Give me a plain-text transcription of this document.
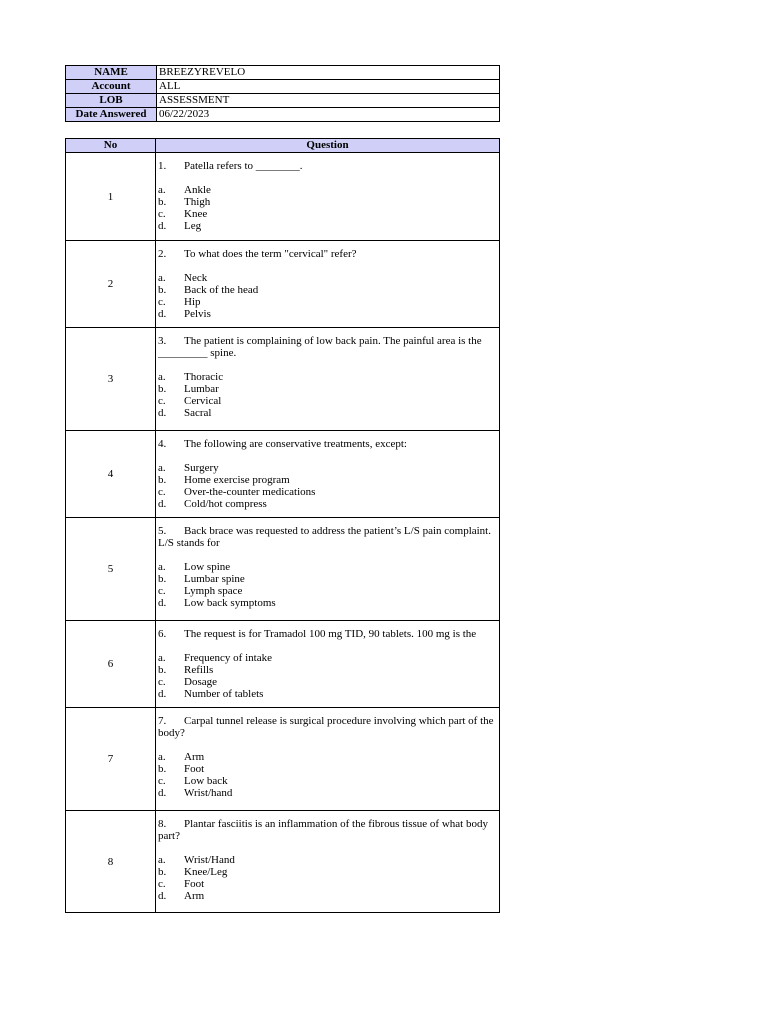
NAME	BREEZYREVELO
Account	ALL
LOB	ASSESSMENT
Date Answered	06/22/2023
No	Question
1	1. Patella refers to ________.
a. Ankle
b. Thigh
c. Knee
d. Leg

2	2. To what does the term "cervical" refer?
a. Neck
b. Back of the head
c. Hip
d. Pelvis

3	3. The patient is complaining of low back pain. The painful area is the _________ spine.
a. Thoracic
b. Lumbar
c. Cervical
d. Sacral

4	4. The following are conservative treatments, except:
a. Surgery
b. Home exercise program
c. Over-the-counter medications
d. Cold/hot compress

5	5. Back brace was requested to address the patient’s L/S pain complaint. L/S stands for
a. Low spine
b. Lumbar spine
c. Lymph space
d. Low back symptoms

6	6. The request is for Tramadol 100 mg TID, 90 tablets. 100 mg is the
a. Frequency of intake
b. Refills
c. Dosage
d. Number of tablets

7	7. Carpal tunnel release is surgical procedure involving which part of the body?
a. Arm
b. Foot
c. Low back
d. Wrist/hand

8	8. Plantar fasciitis is an inflammation of the fibrous tissue of what body part?
a. Wrist/Hand
b. Knee/Leg
c. Foot
d. Arm
